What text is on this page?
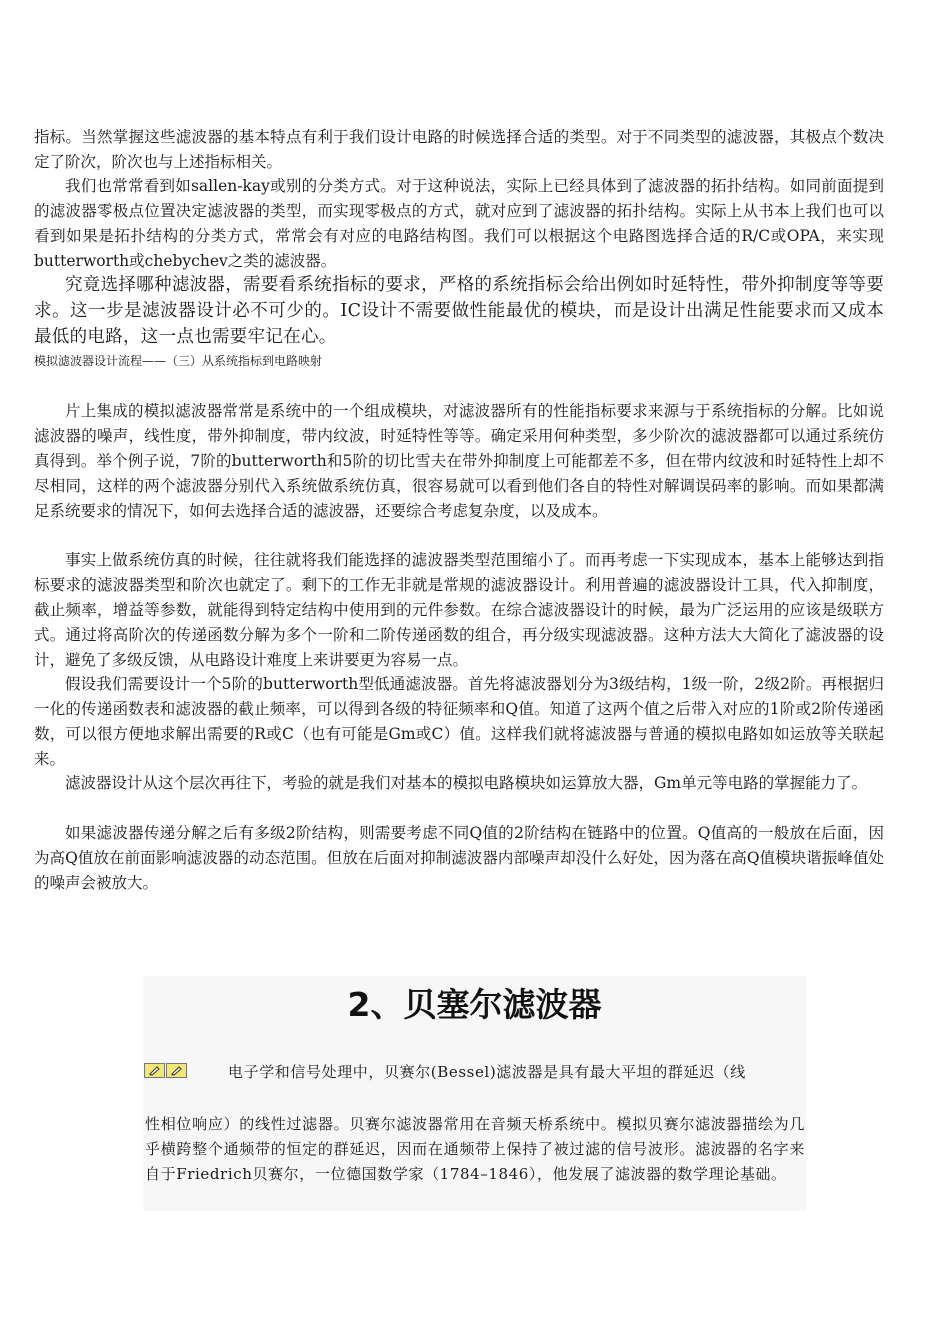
指标。当然掌握这些滤波器的基本特点有利于我们设计电路的时候选择合适的类型。对于不同类型的滤波器，其极点个数决定了阶次，阶次也与上述指标相关。

我们也常常看到如sallen-kay或别的分类方式。对于这种说法，实际上已经具体到了滤波器的拓扑结构。如同前面提到的滤波器零极点位置决定滤波器的类型，而实现零极点的方式，就对应到了滤波器的拓扑结构。实际上从书本上我们也可以看到如果是拓扑结构的分类方式，常常会有对应的电路结构图。我们可以根据这个电路图选择合适的R/C或OPA，来实现butterworth或chebychev之类的滤波器。

究竟选择哪种滤波器，需要看系统指标的要求，严格的系统指标会给出例如时延特性，带外抑制度等等要求。这一步是滤波器设计必不可少的。IC设计不需要做性能最优的模块，而是设计出满足性能要求而又成本最低的电路，这一点也需要牢记在心。

模拟滤波器设计流程——（三）从系统指标到电路映射

片上集成的模拟滤波器常常是系统中的一个组成模块，对滤波器所有的性能指标要求来源与于系统指标的分解。比如说滤波器的噪声，线性度，带外抑制度，带内纹波，时延特性等等。确定采用何种类型，多少阶次的滤波器都可以通过系统仿真得到。举个例子说，7阶的butterworth和5阶的切比雪夫在带外抑制度上可能都差不多，但在带内纹波和时延特性上却不尽相同，这样的两个滤波器分别代入系统做系统仿真，很容易就可以看到他们各自的特性对解调误码率的影响。而如果都满足系统要求的情况下，如何去选择合适的滤波器，还要综合考虑复杂度，以及成本。

事实上做系统仿真的时候，往往就将我们能选择的滤波器类型范围缩小了。而再考虑一下实现成本，基本上能够达到指标要求的滤波器类型和阶次也就定了。剩下的工作无非就是常规的滤波器设计。利用普遍的滤波器设计工具，代入抑制度，截止频率，增益等参数，就能得到特定结构中使用到的元件参数。在综合滤波器设计的时候，最为广泛运用的应该是级联方式。通过将高阶次的传递函数分解为多个一阶和二阶传递函数的组合，再分级实现滤波器。这种方法大大简化了滤波器的设计，避免了多级反馈，从电路设计难度上来讲要更为容易一点。

假设我们需要设计一个5阶的butterworth型低通滤波器。首先将滤波器划分为3级结构，1级一阶，2级2阶。再根据归一化的传递函数表和滤波器的截止频率，可以得到各级的特征频率和Q值。知道了这两个值之后带入对应的1阶或2阶传递函数，可以很方便地求解出需要的R或C（也有可能是Gm或C）值。这样我们就将滤波器与普通的模拟电路如如运放等关联起来。

滤波器设计从这个层次再往下，考验的就是我们对基本的模拟电路模块如运算放大器，Gm单元等电路的掌握能力了。

如果滤波器传递分解之后有多级2阶结构，则需要考虑不同Q值的2阶结构在链路中的位置。Q值高的一般放在后面，因为高Q值放在前面影响滤波器的动态范围。但放在后面对抑制滤波器内部噪声却没什么好处，因为落在高Q值模块谐振峰值处的噪声会被放大。

2、贝塞尔滤波器

电子学和信号处理中，贝赛尔(Bessel)滤波器是具有最大平坦的群延迟（线

性相位响应）的线性过滤器。贝赛尔滤波器常用在音频天桥系统中。模拟贝赛尔滤波器描绘为几乎横跨整个通频带的恒定的群延迟，因而在通频带上保持了被过滤的信号波形。滤波器的名字来自于Friedrich贝赛尔，一位德国数学家（1784–1846），他发展了滤波器的数学理论基础。
